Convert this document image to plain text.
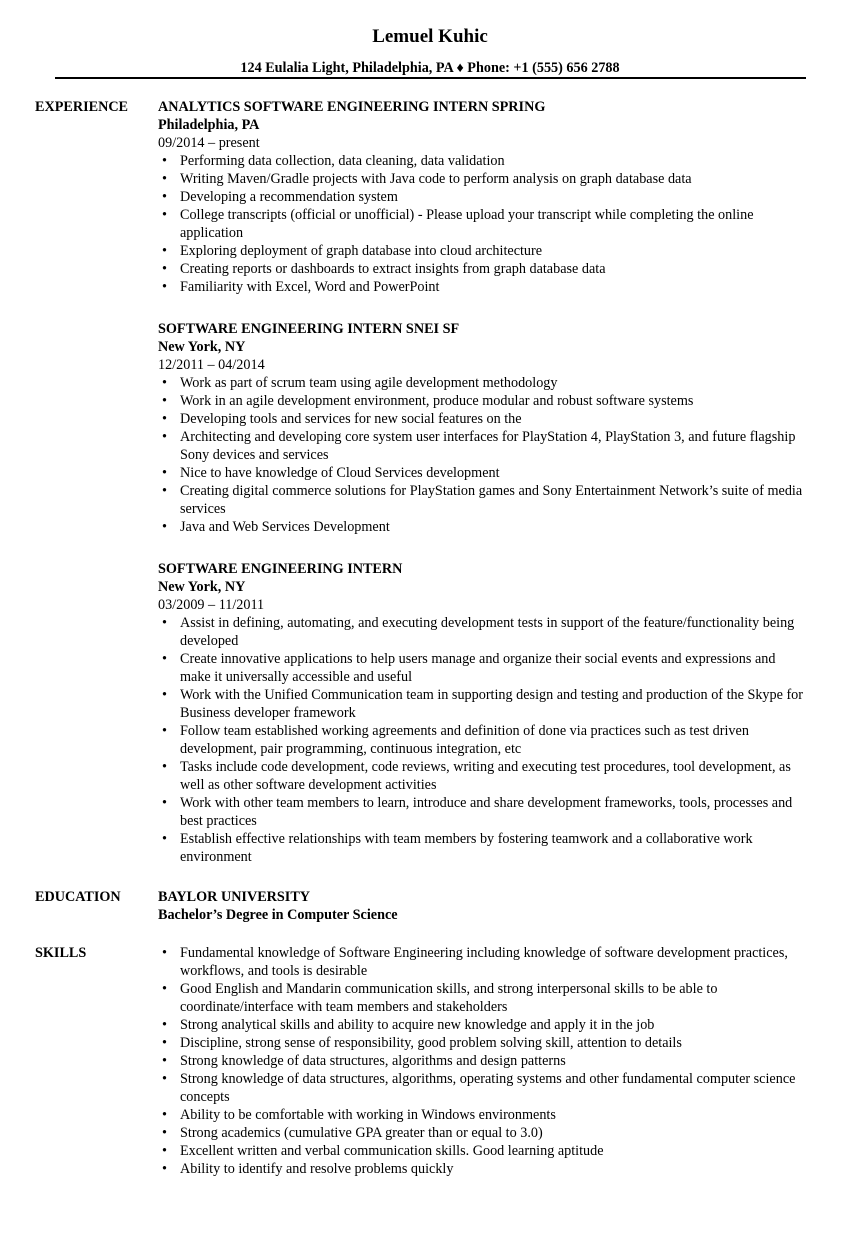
Lemuel Kuhic
124 Eulalia Light, Philadelphia, PA ♦ Phone: +1 (555) 656 2788
EXPERIENCE ANALYTICS SOFTWARE ENGINEERING INTERN SPRING
Philadelphia, PA
09/2014 – present
• Performing data collection, data cleaning, data validation
• Writing Maven/Gradle projects with Java code to perform analysis on graph database data
• Developing a recommendation system
• College transcripts (official or unofficial) - Please upload your transcript while completing the online application
• Exploring deployment of graph database into cloud architecture
• Creating reports or dashboards to extract insights from graph database data
• Familiarity with Excel, Word and PowerPoint
SOFTWARE ENGINEERING INTERN SNEI SF
New York, NY
12/2011 – 04/2014
• Work as part of scrum team using agile development methodology
• Work in an agile development environment, produce modular and robust software systems
• Developing tools and services for new social features on the
• Architecting and developing core system user interfaces for PlayStation 4, PlayStation 3, and future flagship Sony devices and services
• Nice to have knowledge of Cloud Services development
• Creating digital commerce solutions for PlayStation games and Sony Entertainment Network’s suite of media services
• Java and Web Services Development
SOFTWARE ENGINEERING INTERN
New York, NY
03/2009 – 11/2011
• Assist in defining, automating, and executing development tests in support of the feature/functionality being developed
• Create innovative applications to help users manage and organize their social events and expressions and make it universally accessible and useful
• Work with the Unified Communication team in supporting design and testing and production of the Skype for Business developer framework
• Follow team established working agreements and definition of done via practices such as test driven development, pair programming, continuous integration, etc
• Tasks include code development, code reviews, writing and executing test procedures, tool development, as well as other software development activities
• Work with other team members to learn, introduce and share development frameworks, tools, processes and best practices
• Establish effective relationships with team members by fostering teamwork and a collaborative work environment
EDUCATION	BAYLOR UNIVERSITY
Bachelor’s Degree in Computer Science
SKILLS	• Fundamental knowledge of Software Engineering including knowledge of software development practices, workflows, and tools is desirable
• Good English and Mandarin communication skills, and strong interpersonal skills to be able to coordinate/interface with team members and stakeholders
• Strong analytical skills and ability to acquire new knowledge and apply it in the job
• Discipline, strong sense of responsibility, good problem solving skill, attention to details
• Strong knowledge of data structures, algorithms and design patterns
• Strong knowledge of data structures, algorithms, operating systems and other fundamental computer science concepts
• Ability to be comfortable with working in Windows environments
• Strong academics (cumulative GPA greater than or equal to 3.0)
• Excellent written and verbal communication skills. Good learning aptitude
• Ability to identify and resolve problems quickly
